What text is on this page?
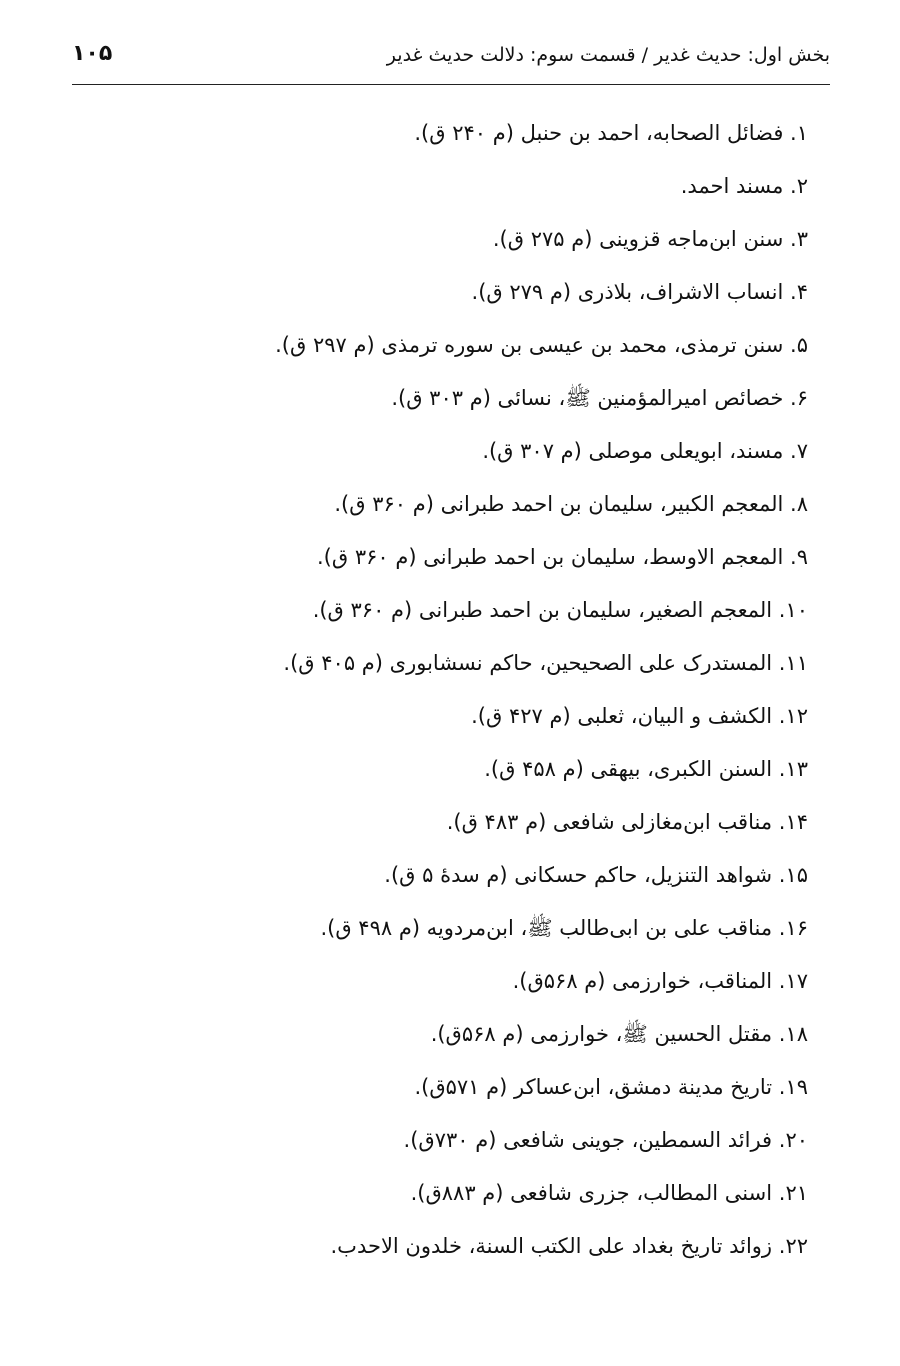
بخش اول: حدیث غدیر / قسمت سوم: دلالت حدیث غدیر
۱۰۵
۱. فضائل الصحابه، احمد بن حنبل (م ۲۴۰ ق).
۲. مسند احمد.
۳. سنن ابن‌ماجه قزوینی (م ۲۷۵ ق).
۴. انساب الاشراف، بلاذری (م ۲۷۹ ق).
۵. سنن ترمذی، محمد بن عیسی بن سوره ترمذی (م ۲۹۷ ق).
۶. خصائص امیرالمؤمنین ﷺ، نسائی (م ۳۰۳ ق).
۷. مسند، ابویعلی موصلی (م ۳۰۷ ق).
۸. المعجم الکبیر، سلیمان بن احمد طبرانی (م ۳۶۰ ق).
۹. المعجم الاوسط، سلیمان بن احمد طبرانی (م ۳۶۰ ق).
۱۰. المعجم الصغیر، سلیمان بن احمد طبرانی (م ۳۶۰ ق).
۱۱. المستدرک علی الصحیحین، حاکم نسشابوری (م ۴۰۵ ق).
۱۲. الکشف و البیان، ثعلبی (م ۴۲۷ ق).
۱۳. السنن الکبری، بیهقی (م ۴۵۸ ق).
۱۴. مناقب ابن‌مغازلی شافعی (م ۴۸۳ ق).
۱۵. شواهد التنزیل، حاکم حسکانی (م سدۀ ۵ ق).
۱۶. مناقب علی بن ابی‌طالب ﷺ، ابن‌مردویه (م ۴۹۸ ق).
۱۷. المناقب، خوارزمی (م ۵۶۸ق).
۱۸. مقتل الحسین ﷺ، خوارزمی (م ۵۶۸ق).
۱۹. تاریخ مدینة دمشق، ابن‌عساکر (م ۵۷۱ق).
۲۰. فرائد السمطین، جوینی شافعی (م ۷۳۰ق).
۲۱. اسنی المطالب، جزری شافعی (م ۸۸۳ق).
۲۲. زوائد تاریخ بغداد علی الکتب السنة، خلدون الاحدب.
